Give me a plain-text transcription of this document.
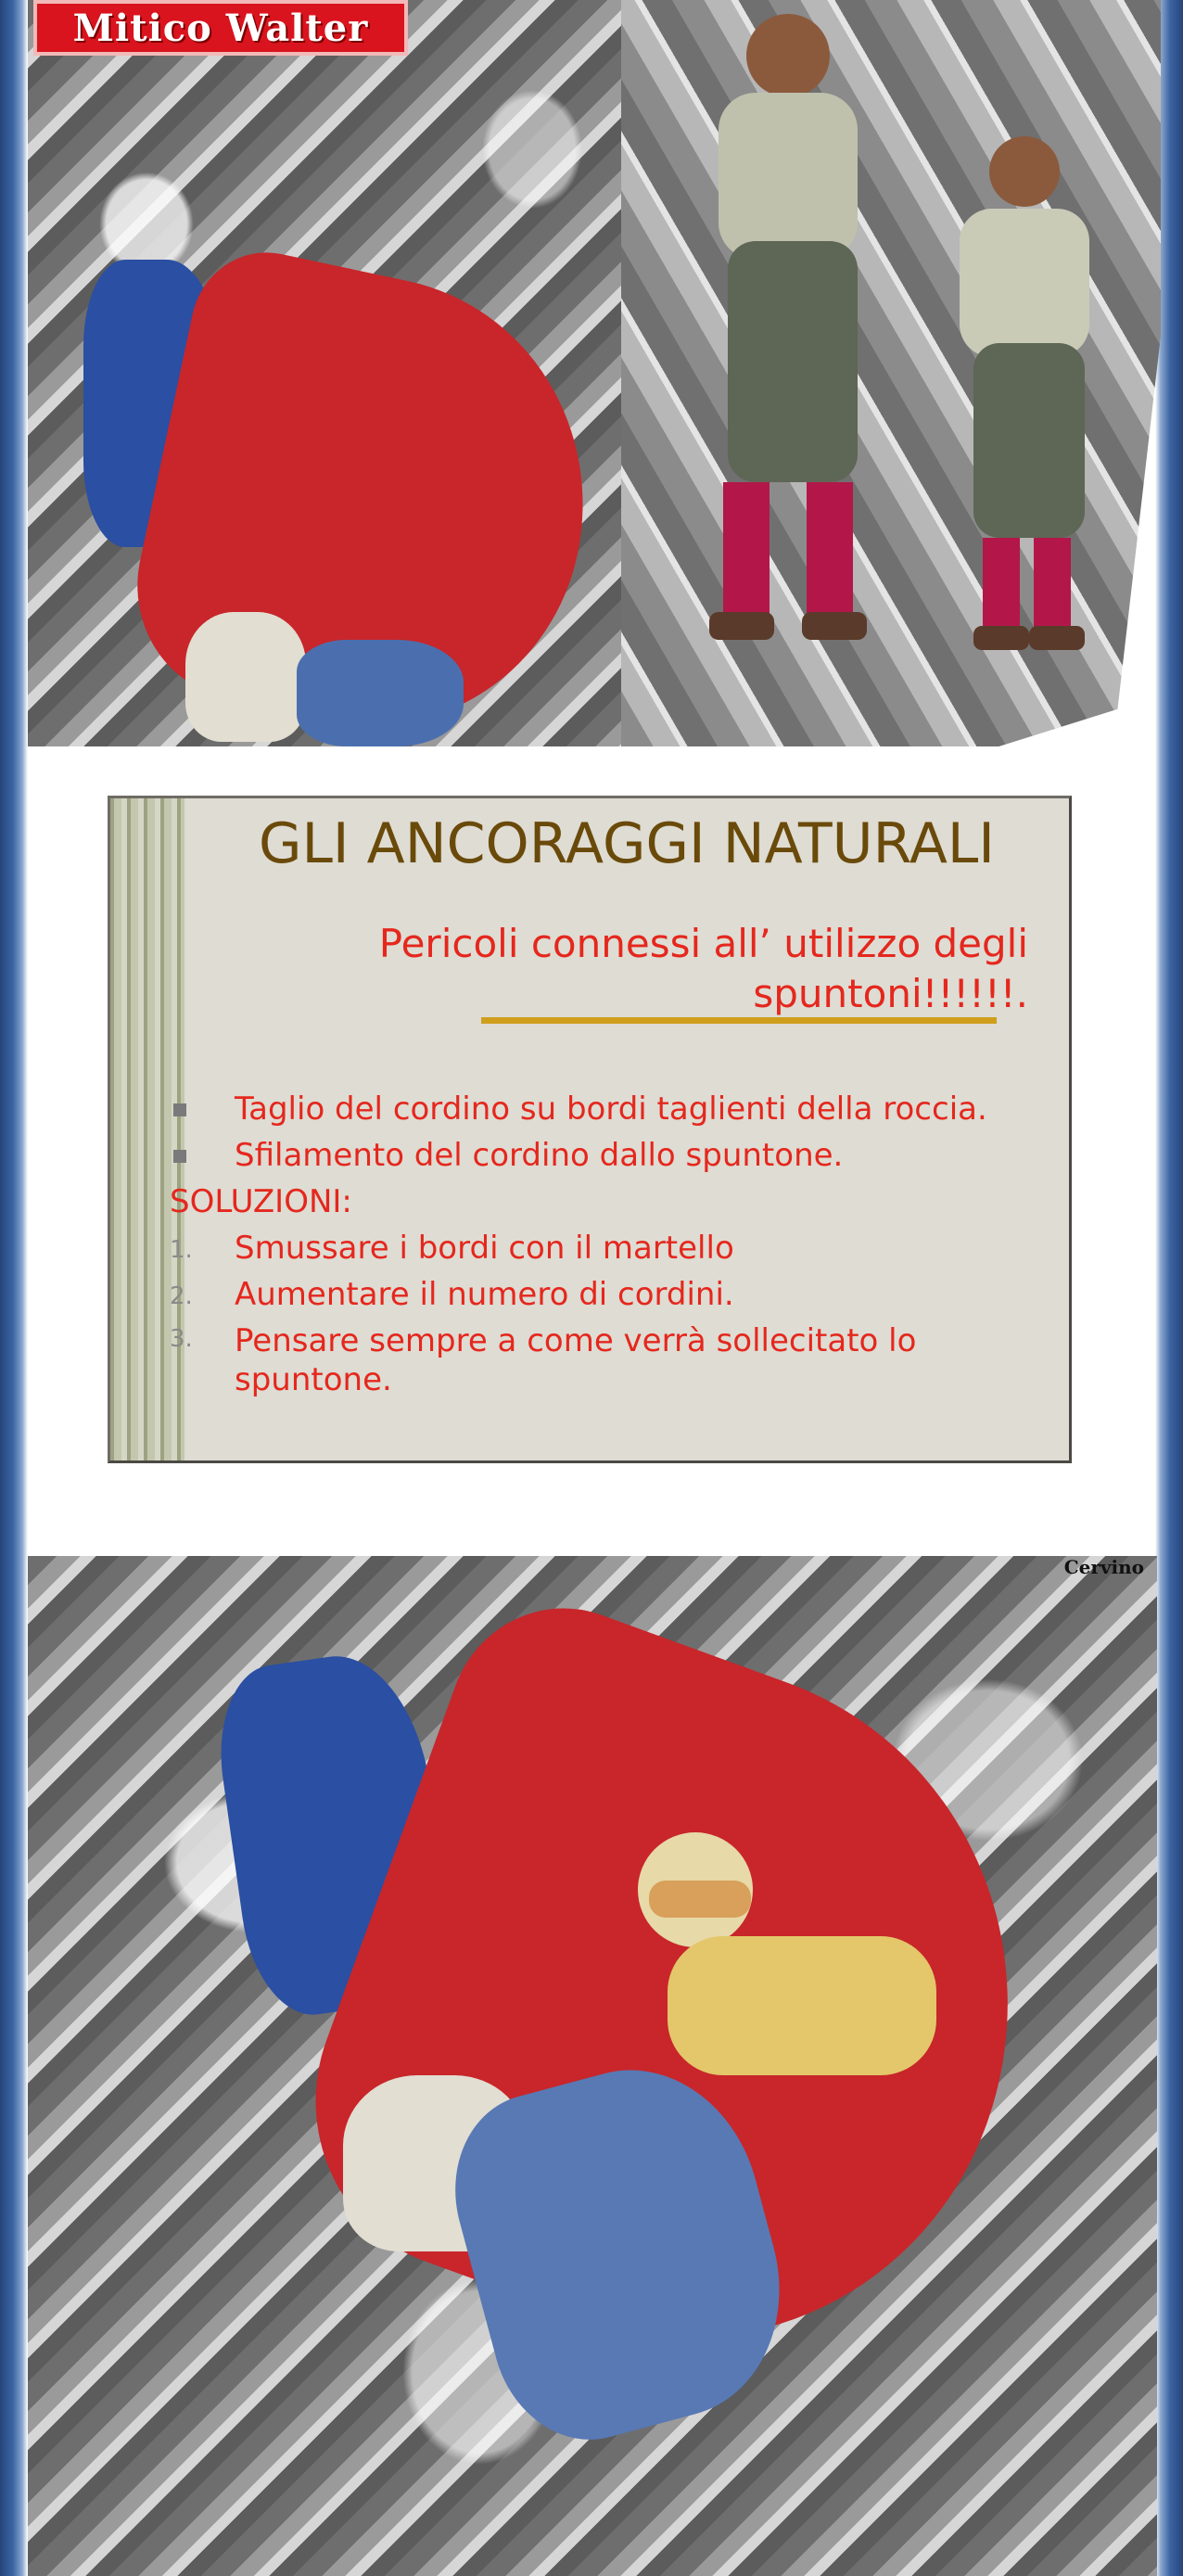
Mitico Walter
GLI ANCORAGGI NATURALI
Pericoli connessi all’ utilizzo degli spuntoni!!!!!!.
Taglio del cordino su bordi taglienti della roccia.
Sfilamento del cordino dallo spuntone.
SOLUZIONI:
1. Smussare i bordi con il martello
2. Aumentare il numero di cordini.
3. Pensare sempre a come verrà sollecitato lo spuntone.
Cervino
